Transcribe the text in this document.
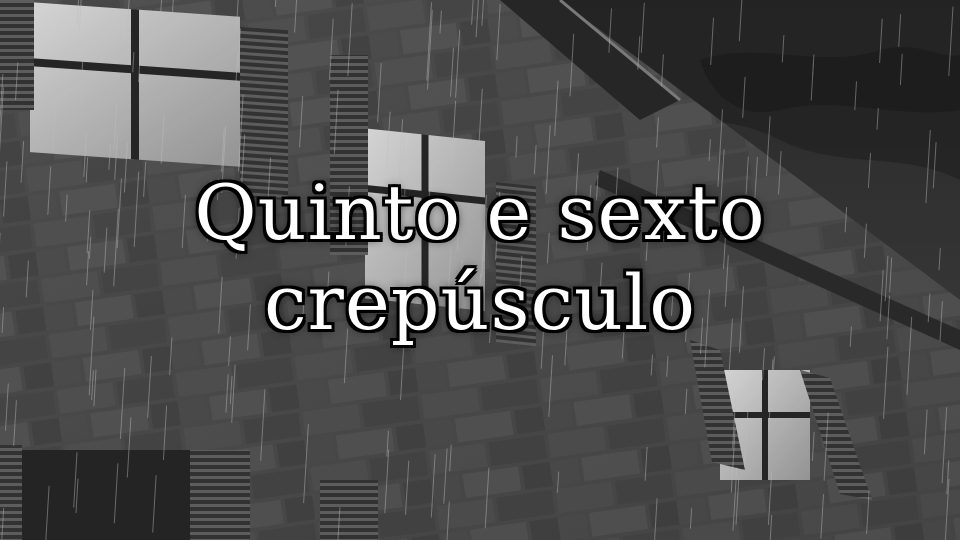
Quinto e sexto
crepúsculo
